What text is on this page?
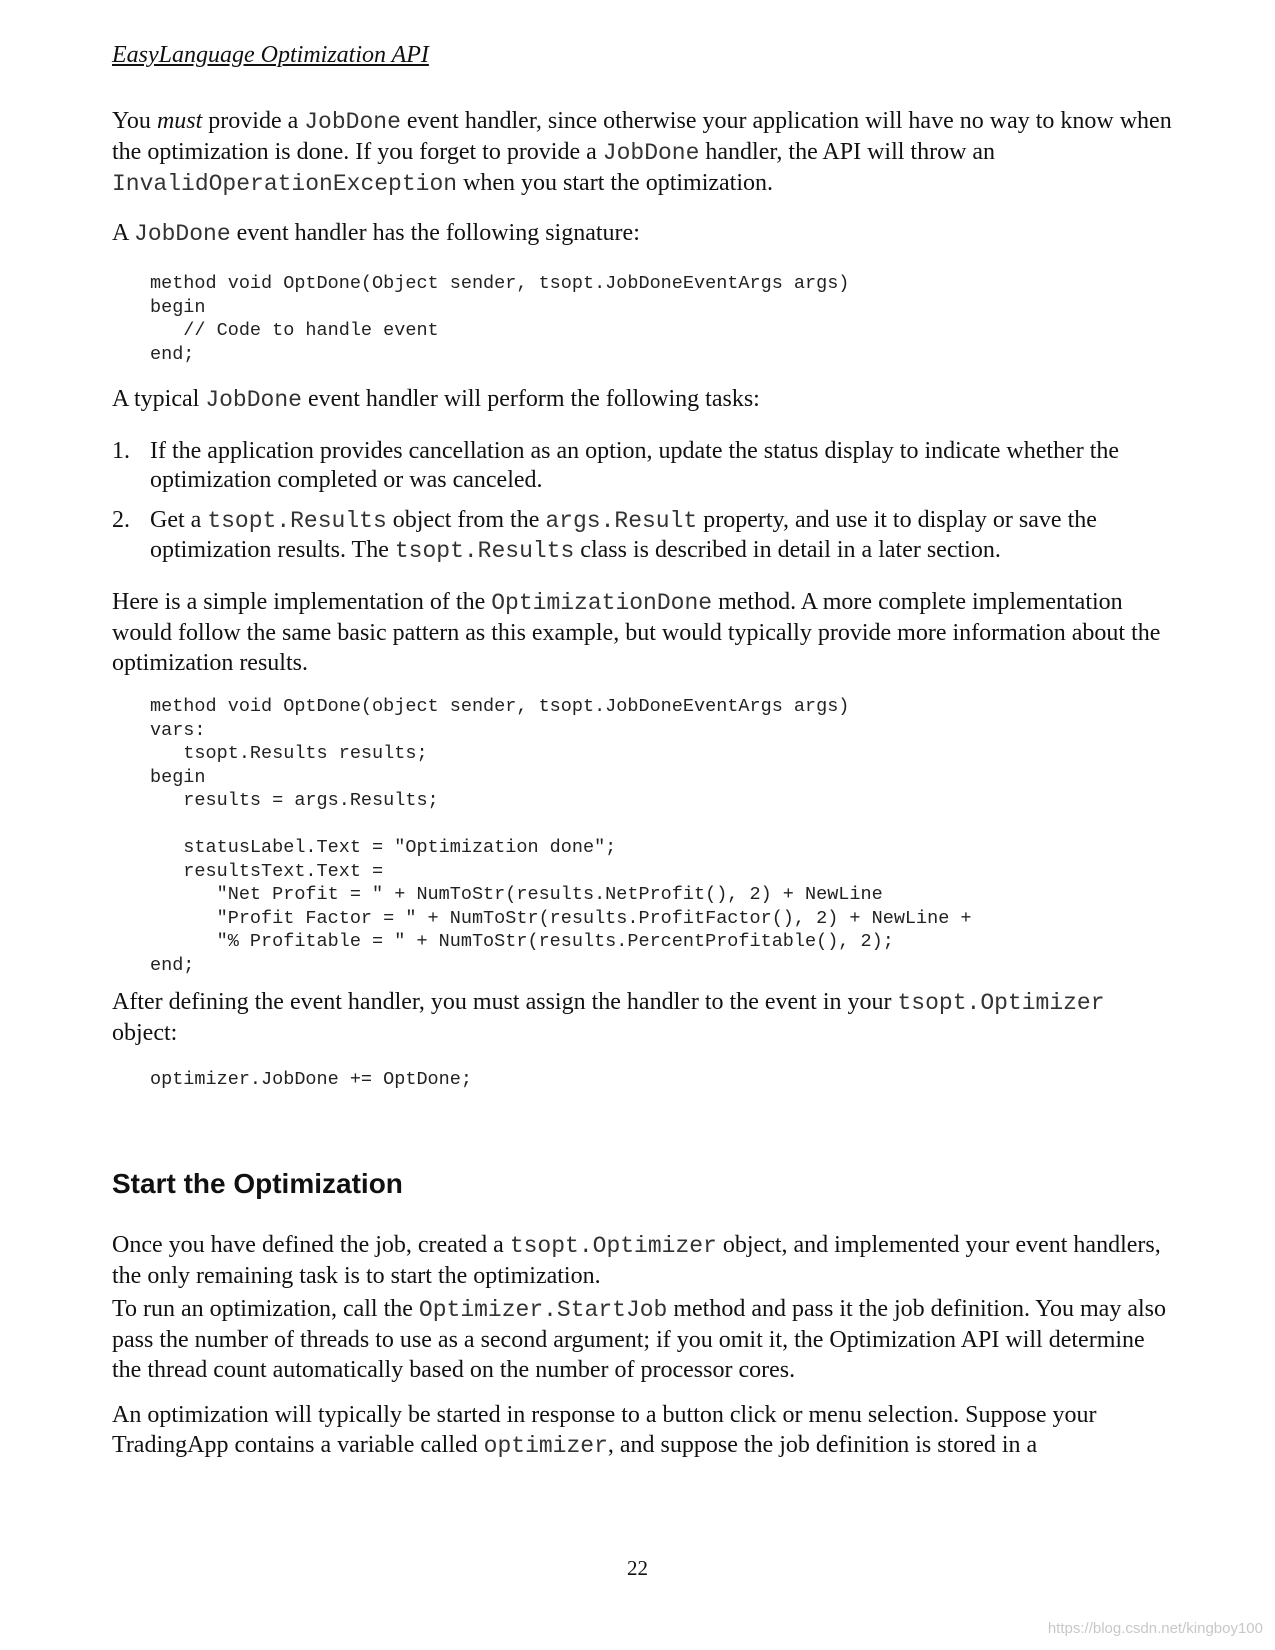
EasyLanguage Optimization API

You must provide a JobDone event handler, since otherwise your application will have no way to know when the optimization is done. If you forget to provide a JobDone handler, the API will throw an InvalidOperationException when you start the optimization.

A JobDone event handler has the following signature:

method void OptDone(Object sender, tsopt.JobDoneEventArgs args)
begin
// Code to handle event
end;

A typical JobDone event handler will perform the following tasks:

1. If the application provides cancellation as an option, update the status display to indicate whether the optimization completed or was canceled.
2. Get a tsopt.Results object from the args.Result property, and use it to display or save the optimization results. The tsopt.Results class is described in detail in a later section.

Here is a simple implementation of the OptimizationDone method. A more complete implementation would follow the same basic pattern as this example, but would typically provide more information about the optimization results.

method void OptDone(object sender, tsopt.JobDoneEventArgs args)
vars:
tsopt.Results results;
begin
results = args.Results;

statusLabel.Text = "Optimization done";
resultsText.Text =
"Net Profit = " + NumToStr(results.NetProfit(), 2) + NewLine
"Profit Factor = " + NumToStr(results.ProfitFactor(), 2) + NewLine +
"% Profitable = " + NumToStr(results.PercentProfitable(), 2);
end;

After defining the event handler, you must assign the handler to the event in your tsopt.Optimizer object:

optimizer.JobDone += OptDone;
Start the Optimization

Once you have defined the job, created a tsopt.Optimizer object, and implemented your event handlers, the only remaining task is to start the optimization.

To run an optimization, call the Optimizer.StartJob method and pass it the job definition. You may also pass the number of threads to use as a second argument; if you omit it, the Optimization API will determine the thread count automatically based on the number of processor cores.

An optimization will typically be started in response to a button click or menu selection. Suppose your TradingApp contains a variable called optimizer, and suppose the job definition is stored in a

22
https://blog.csdn.net/kingboy100
